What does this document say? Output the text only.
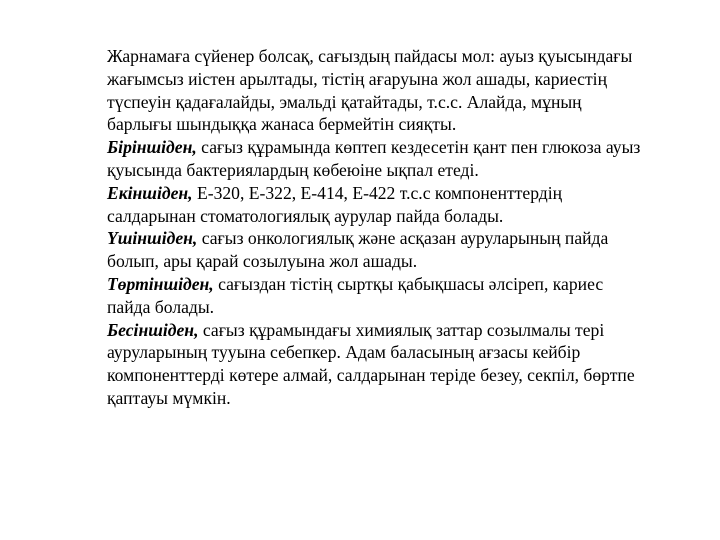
Жарнамаға сүйенер болсақ, сағыздың пайдасы мол: ауыз қуысындағы жағымсыз иістен арылтады, тістің ағаруына жол ашады, кариестің түспеуін қадағалайды, эмальді қатайтады, т.с.с. Алайда, мұның барлығы шындыққа жанаса бермейтін сияқты.

Біріншіден, сағыз құрамында көптеп кездесетін қант пен глюкоза ауыз қуысында бактериялардың көбеюіне ықпал етеді.

Екіншіден, Е-320, Е-322, Е-414, Е-422 т.с.с компоненттердің салдарынан стоматологиялық аурулар пайда болады.

Үшіншіден, сағыз онкологиялық және асқазан ауруларының пайда болып, ары қарай созылуына жол ашады.

Төртіншіден, сағыздан тістің сыртқы қабықшасы әлсіреп, кариес пайда болады.

Бесіншіден, сағыз құрамындағы химиялық заттар созылмалы тері ауруларының тууына себепкер. Адам баласының ағзасы кейбір компоненттерді көтере алмай, салдарынан теріде безеу, секпіл, бөртпе қаптауы мүмкін.
